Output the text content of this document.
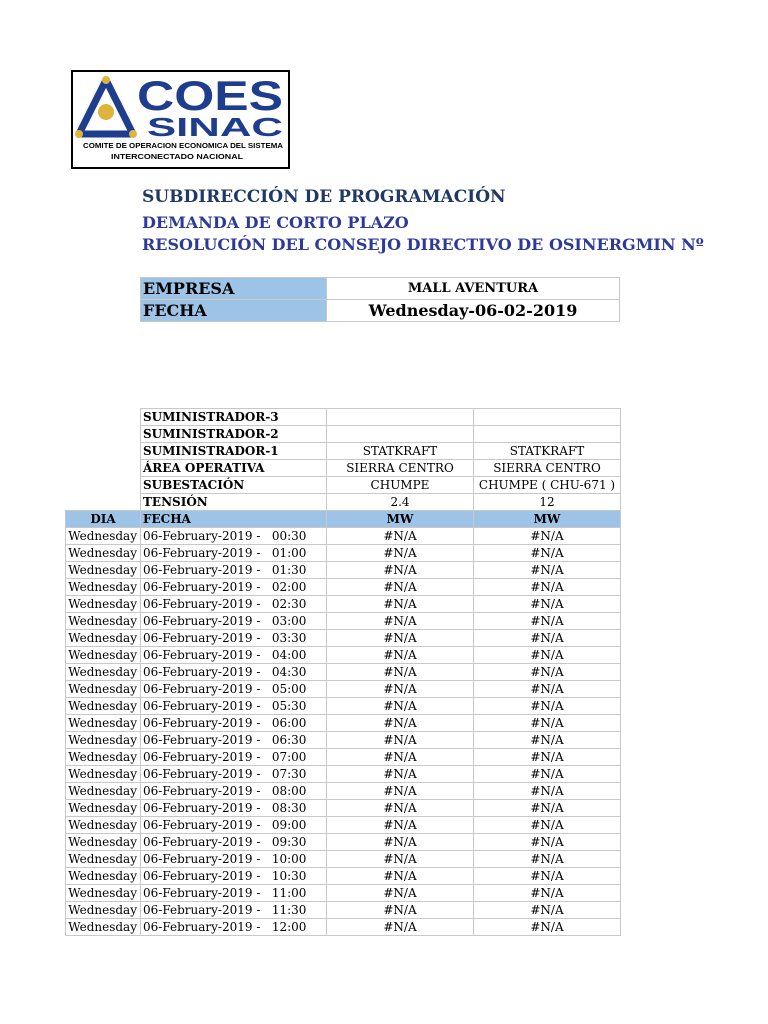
COES
SINAC
COMITE DE OPERACION ECONOMICA DEL SISTEMA
INTERCONECTADO NACIONAL
SUBDIRECCIÓN DE PROGRAMACIÓN
DEMANDA DE CORTO PLAZO
RESOLUCIÓN DEL CONSEJO DIRECTIVO DE OSINERGMIN Nº
EMPRESA	MALL AVENTURA
FECHA	Wednesday-06-02-2019
	SUMINISTRADOR-3		
	SUMINISTRADOR-2		
	SUMINISTRADOR-1	STATKRAFT	STATKRAFT
	ÁREA OPERATIVA	SIERRA CENTRO	SIERRA CENTRO
	SUBESTACIÓN	CHUMPE	CHUMPE ( CHU-671 )
	TENSIÓN	2.4	12
DIA	FECHA	MW	MW
Wednesday	06-February-2019 -   00:30	#N/A	#N/A
Wednesday	06-February-2019 -   01:00	#N/A	#N/A
Wednesday	06-February-2019 -   01:30	#N/A	#N/A
Wednesday	06-February-2019 -   02:00	#N/A	#N/A
Wednesday	06-February-2019 -   02:30	#N/A	#N/A
Wednesday	06-February-2019 -   03:00	#N/A	#N/A
Wednesday	06-February-2019 -   03:30	#N/A	#N/A
Wednesday	06-February-2019 -   04:00	#N/A	#N/A
Wednesday	06-February-2019 -   04:30	#N/A	#N/A
Wednesday	06-February-2019 -   05:00	#N/A	#N/A
Wednesday	06-February-2019 -   05:30	#N/A	#N/A
Wednesday	06-February-2019 -   06:00	#N/A	#N/A
Wednesday	06-February-2019 -   06:30	#N/A	#N/A
Wednesday	06-February-2019 -   07:00	#N/A	#N/A
Wednesday	06-February-2019 -   07:30	#N/A	#N/A
Wednesday	06-February-2019 -   08:00	#N/A	#N/A
Wednesday	06-February-2019 -   08:30	#N/A	#N/A
Wednesday	06-February-2019 -   09:00	#N/A	#N/A
Wednesday	06-February-2019 -   09:30	#N/A	#N/A
Wednesday	06-February-2019 -   10:00	#N/A	#N/A
Wednesday	06-February-2019 -   10:30	#N/A	#N/A
Wednesday	06-February-2019 -   11:00	#N/A	#N/A
Wednesday	06-February-2019 -   11:30	#N/A	#N/A
Wednesday	06-February-2019 -   12:00	#N/A	#N/A
